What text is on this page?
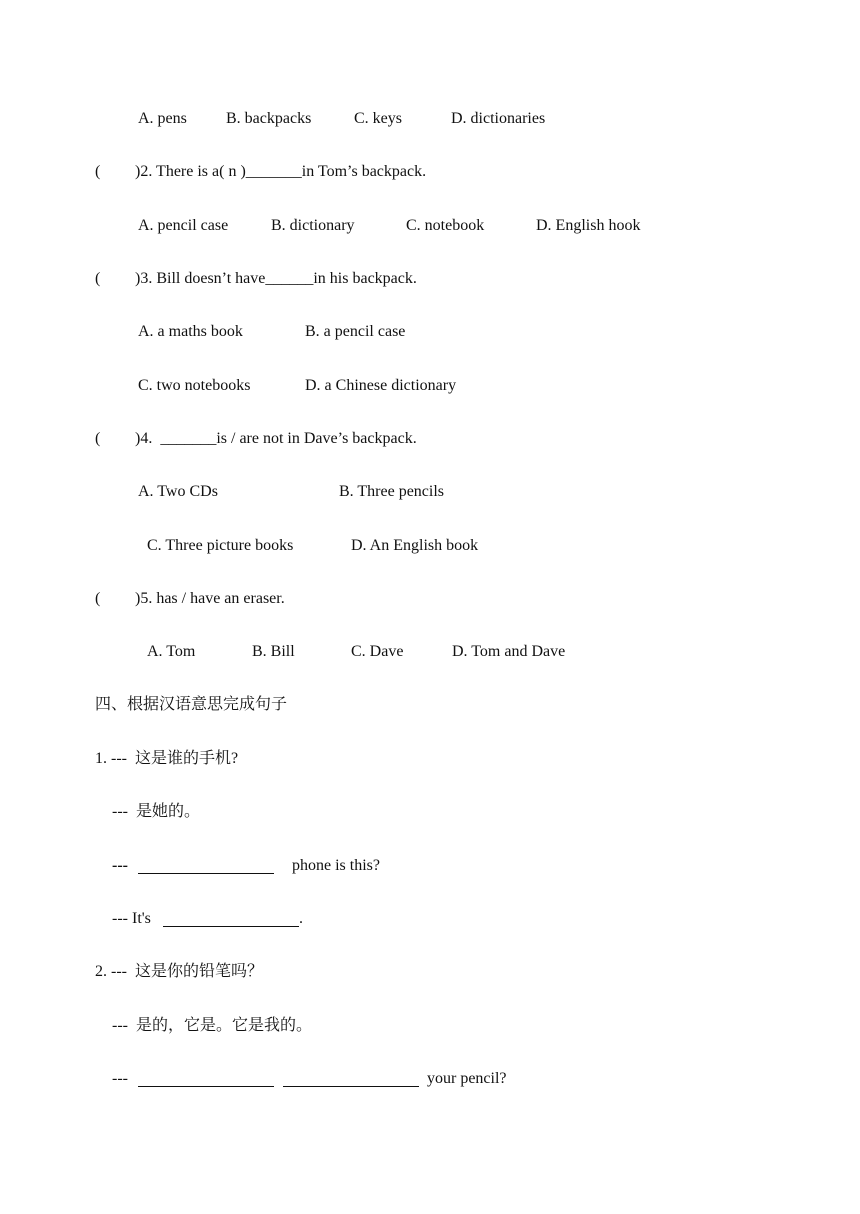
A. pens B. backpacks	C. keys	D. dictionaries
( )2. There is a( n )_______in Tom’s backpack.
A. pencil case	B. dictionary	C. notebook	D. English hook
( )3. Bill doesn’t have______in his backpack.
A. a maths book	B. a pencil case
C. two notebooks	D. a Chinese dictionary
( )4.  _______is / are not in Dave’s backpack.
A. Two CDs	B. Three pencils
C. Three picture books	D. An English book
( )5. has / have an eraser.
A. Tom	B. Bill	C. Dave	D. Tom and Dave
四、根据汉语意思完成句子
1. ---  这是谁的手机?
---  是她的。
---	phone is this?
--- It's	.
2. ---  这是你的铅笔吗？
---  是的，它是。它是我的。
---	your pencil?
